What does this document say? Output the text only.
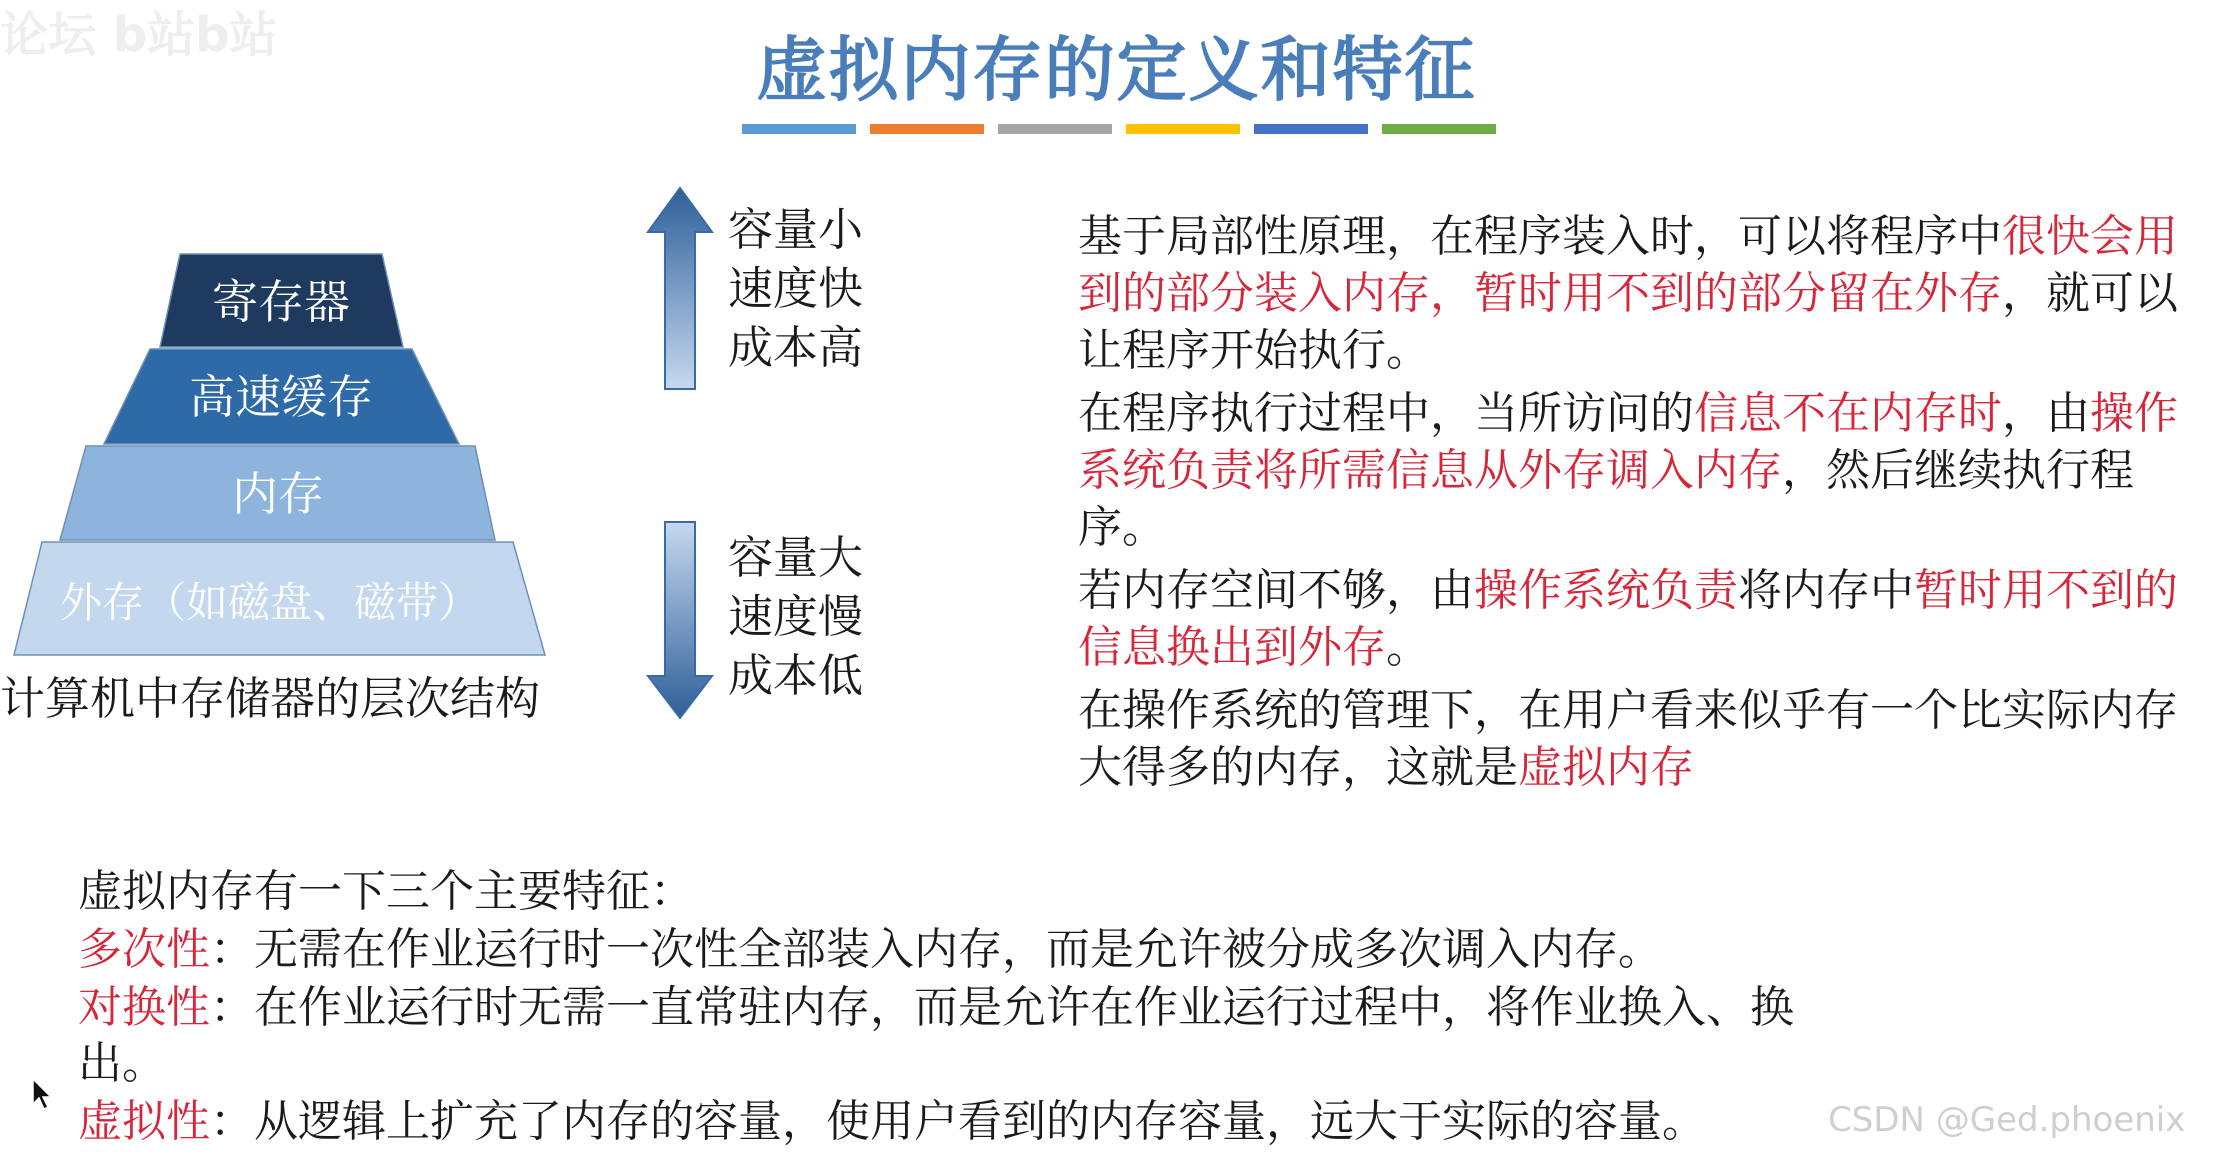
论坛 b站b站	虚拟内存的定义和特征
寄存器
高速缓存
内存
外存（如磁盘、磁带）
计算机中存储器的层次结构
容量小
速度快
成本高
容量大
速度慢
成本低

基于局部性原理，在程序装入时，可以将程序中很快会用到的部分装入内存，暂时用不到的部分留在外存，就可以让程序开始执行。

在程序执行过程中，当所访问的信息不在内存时，由操作系统负责将所需信息从外存调入内存，然后继续执行程序。

若内存空间不够，由操作系统负责将内存中暂时用不到的信息换出到外存。

在操作系统的管理下，在用户看来似乎有一个比实际内存大得多的内存，这就是虚拟内存

虚拟内存有一下三个主要特征：

多次性：无需在作业运行时一次性全部装入内存，而是允许被分成多次调入内存。

对换性：在作业运行时无需一直常驻内存，而是允许在作业运行过程中，将作业换入、换出。

虚拟性：从逻辑上扩充了内存的容量，使用户看到的内存容量，远大于实际的容量。	CSDN @Ged.phoenix
